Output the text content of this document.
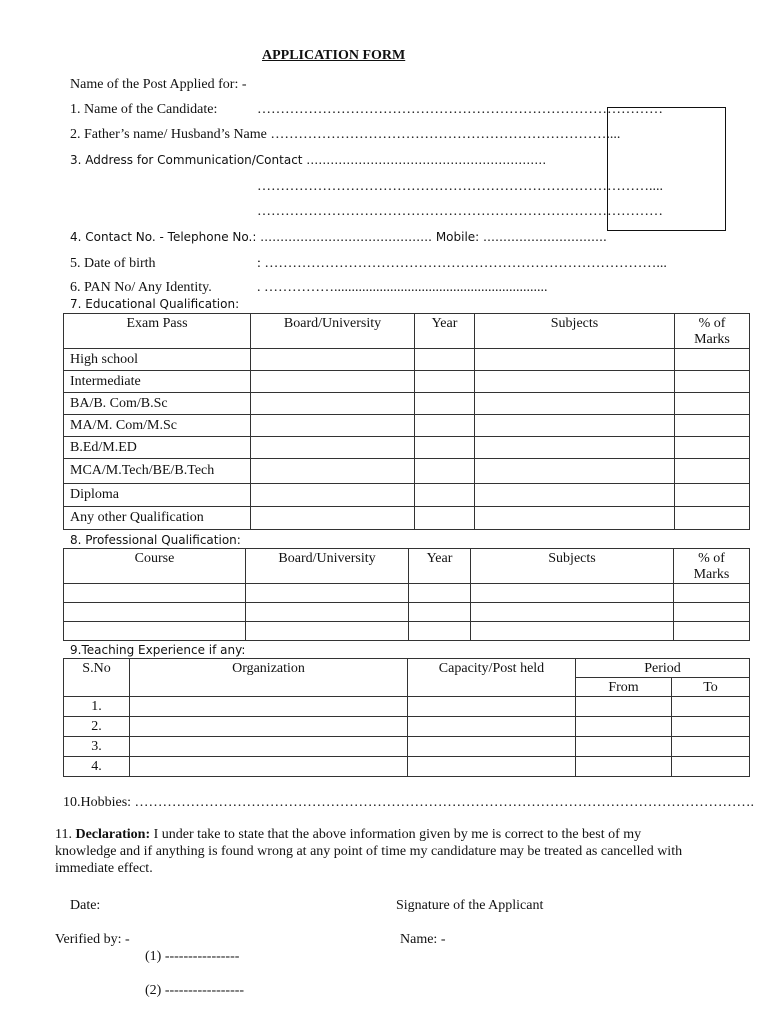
APPLICATION FORM
Name of the Post Applied for: -
1. Name of the Candidate:	……………………………………………………………………………
2. Father’s name/ Husband’s Name ………………………………………………………………....
3. Address for Communication/Contact ……………………………………………………
…………………………………………………………………………....
……………………………………………………………………………
4. Contact No. - Telephone No.: ……………………………………. Mobile: ………………………….
5. Date of birth	: …………………………………………………………………………...
6. PAN No/ Any Identity.	. …………….............................................................
7. Educational Qualification:
Exam Pass	Board/University	Year	Subjects	% of
Marks
High school				
Intermediate				
BA/B. Com/B.Sc				
MA/M. Com/M.Sc				
B.Ed/M.ED				
MCA/M.Tech/BE/B.Tech				
Diploma				
Any other Qualification				
8. Professional Qualification:
Course	Board/University	Year	Subjects	% of
Marks

9.Teaching Experience if any:
S.No	Organization	Capacity/Post held	Period	
			From	To
1.				
2.				
3.				
4.				
10.Hobbies: …………………………………………………………………………………………………………………….
11. Declaration: I under take to state that the above information given by me is correct to the best of my knowledge and if anything is found wrong at any point of time my candidature may be treated as cancelled with immediate effect.
Date:	Signature of the Applicant
Verified by: -	Name: -
(1) ----------------
(2) -----------------
